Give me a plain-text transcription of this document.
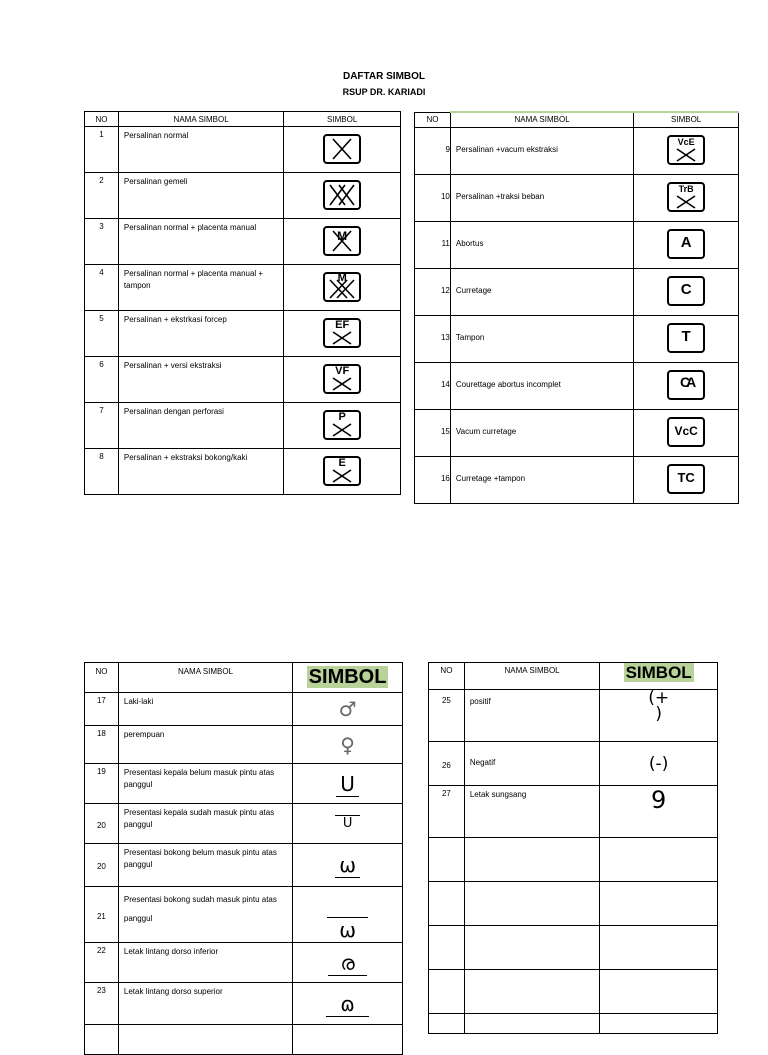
DAFTAR SIMBOL
RSUP DR. KARIADI
NO	NAMA SIMBOL	SIMBOL
1	Persalinan normal	

2	Persalinan gemeli	

3	Persalinan normal + placenta manual	M

4	Persalinan normal + placenta manual + tampon	M

5	Persalinan + ekstrkasi forcep	EF

6	Persalinan + versi ekstraksi	VF

7	Persalinan dengan perforasi	P

8	Persalinan + ekstraksi bokong/kaki	E
NO	NAMA SIMBOL	SIMBOL
9	Persalinan +vacum ekstraksi	VcE

10	Persalinan +traksi beban	TrB

11	Abortus	A

12	Curretage	C

13	Tampon	T

14	Courettage abortus incomplet	CA

15	Vacum curretage	VcC

16	Curretage +tampon	TC
NO	NAMA SIMBOL	SIMBOL
17	Laki-laki	♂
18	perempuan	♀
19	Presentasi kepala belum masuk pintu atas panggul	U
20	Presentasi kepala sudah masuk pintu atas panggul	U
20	Presentasi bokong belum masuk pintu atas panggul	ω
21	Presentasi bokong sudah masuk pintu atas panggul	ω
22	Letak lintang dorso inferior	ര
23	Letak lintang dorso superior	ɷ

NO	NAMA SIMBOL	SIMBOL
25	positif	(+
)
26	Negatif	(-)
27	Letak sungsang	9
